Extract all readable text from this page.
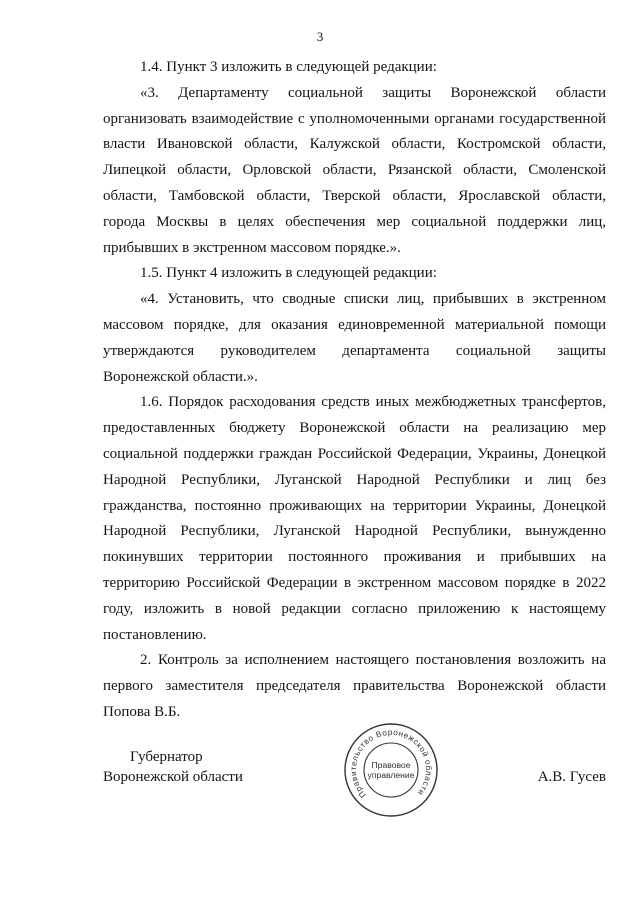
3
1.4. Пункт 3 изложить в следующей редакции:
«3. Департаменту социальной защиты Воронежской области
организовать взаимодействие с уполномоченными органами государственной
власти Ивановской области, Калужской области, Костромской области,
Липецкой области, Орловской области, Рязанской области, Смоленской
области, Тамбовской области, Тверской области, Ярославской области,
города Москвы в целях обеспечения мер социальной поддержки лиц,
прибывших в экстренном массовом порядке.».
1.5. Пункт 4 изложить в следующей редакции:
«4. Установить, что сводные списки лиц, прибывших в экстренном
массовом порядке, для оказания единовременной материальной помощи
утверждаются руководителем департамента социальной защиты
Воронежской области.».
1.6. Порядок расходования средств иных межбюджетных трансфертов,
предоставленных бюджету Воронежской области на реализацию мер
социальной поддержки граждан Российской Федерации, Украины, Донецкой
Народной Республики, Луганской Народной Республики и лиц без
гражданства, постоянно проживающих на территории Украины, Донецкой
Народной Республики, Луганской Народной Республики, вынужденно
покинувших территории постоянного проживания и прибывших на
территорию Российской Федерации в экстренном массовом порядке в 2022
году, изложить в новой редакции согласно приложению к настоящему
постановлению.
2. Контроль за исполнением настоящего постановления возложить на
первого заместителя председателя правительства Воронежской области
Попова В.Б.
Губернатор
Воронежской области	А.В. Гусев
Правительство Воронежской области
Правовое
управление
